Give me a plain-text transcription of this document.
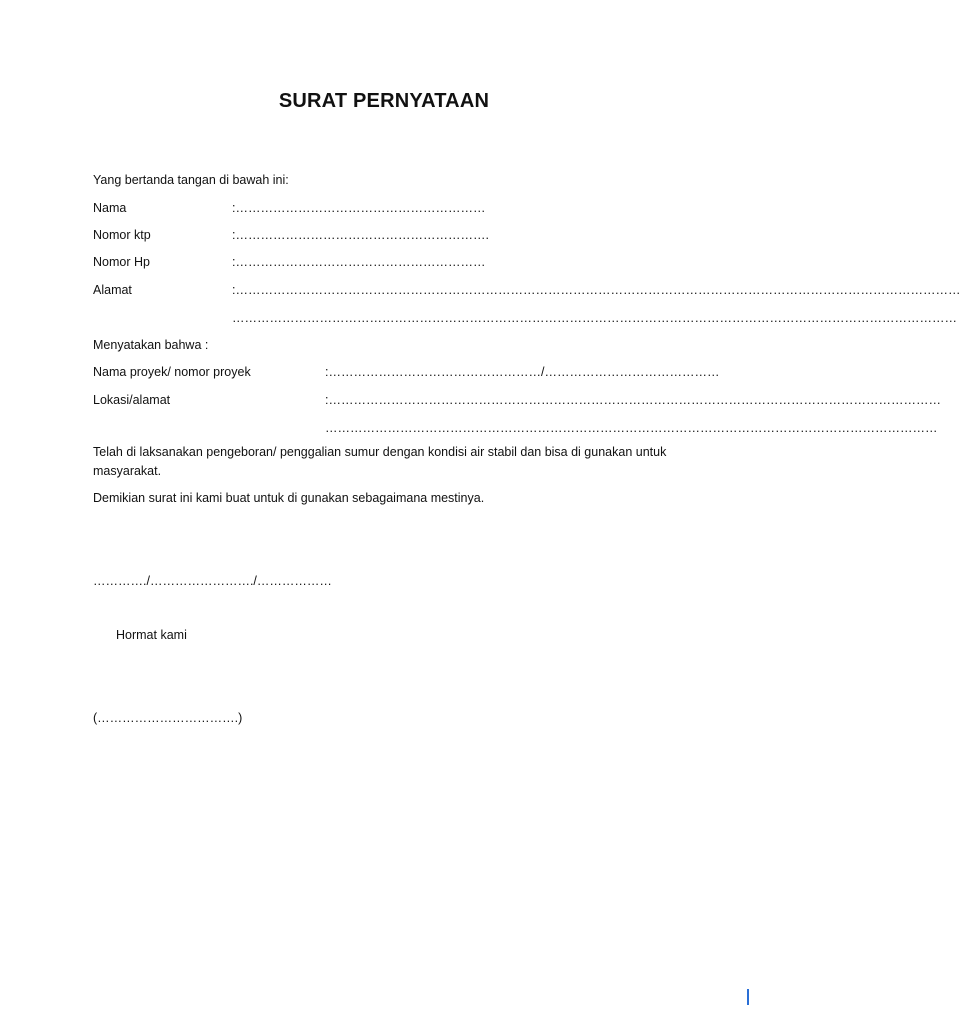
SURAT PERNYATAAN
Yang bertanda tangan di bawah ini:
Nama	:……………………………………………………
Nomor ktp	:…………………………………………………….
Nomor Hp	:……………………………………………………
Alamat	:…………………………………………………………………………………………………………………………………………………………
…………………………………………………………………………………………………………………………………………………………
Menyatakan bahwa :
Nama proyek/ nomor proyek	:……………………………………………/……………………………………
Lokasi/alamat	:…………………………………………………………………………………………………………………………………
…………………………………………………………………………………………………………………………………
Telah di laksanakan pengeboran/ penggalian sumur dengan kondisi air stabil dan bisa di gunakan untuk masyarakat.
Demikian surat ini kami buat untuk di gunakan sebagaimana mestinya.
…………./……………………./………………
Hormat kami
(…………………………….)
